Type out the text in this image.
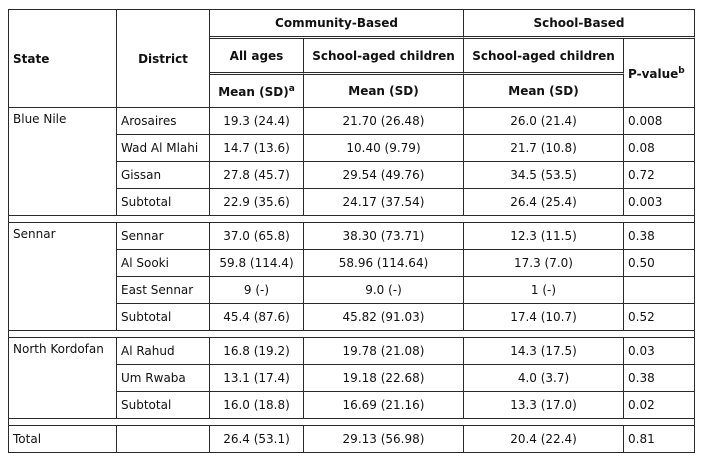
State	District	Community-Based		School-Based	
		All ages	School-aged children	School-aged children	P-value$^b$
		Mean (SD)$^a$	Mean (SD)	Mean (SD)	
Blue Nile	Arosaires	19.3 (24.4)	21.70 (26.48)	26.0 (21.4)	0.008
	Wad Al Mlahi	14.7 (13.6)	10.40 (9.79)	21.7 (10.8)	0.08
	Gissan	27.8 (45.7)	29.54 (49.76)	34.5 (53.5)	0.72
	Subtotal	22.9 (35.6)	24.17 (37.54)	26.4 (25.4)	0.003

Sennar	Sennar	37.0 (65.8)	38.30 (73.71)	12.3 (11.5)	0.38
	Al Sooki	59.8 (114.4)	58.96 (114.64)	17.3 (7.0)	0.50
	East Sennar	9 (-)	9.0 (-)	1 (-)	
	Subtotal	45.4 (87.6)	45.82 (91.03)	17.4 (10.7)	0.52

North Kordofan	Al Rahud	16.8 (19.2)	19.78 (21.08)	14.3 (17.5)	0.03
	Um Rwaba	13.1 (17.4)	19.18 (22.68)	4.0 (3.7)	0.38
	Subtotal	16.0 (18.8)	16.69 (21.16)	13.3 (17.0)	0.02

Total		26.4 (53.1)	29.13 (56.98)	20.4 (22.4)	0.81
